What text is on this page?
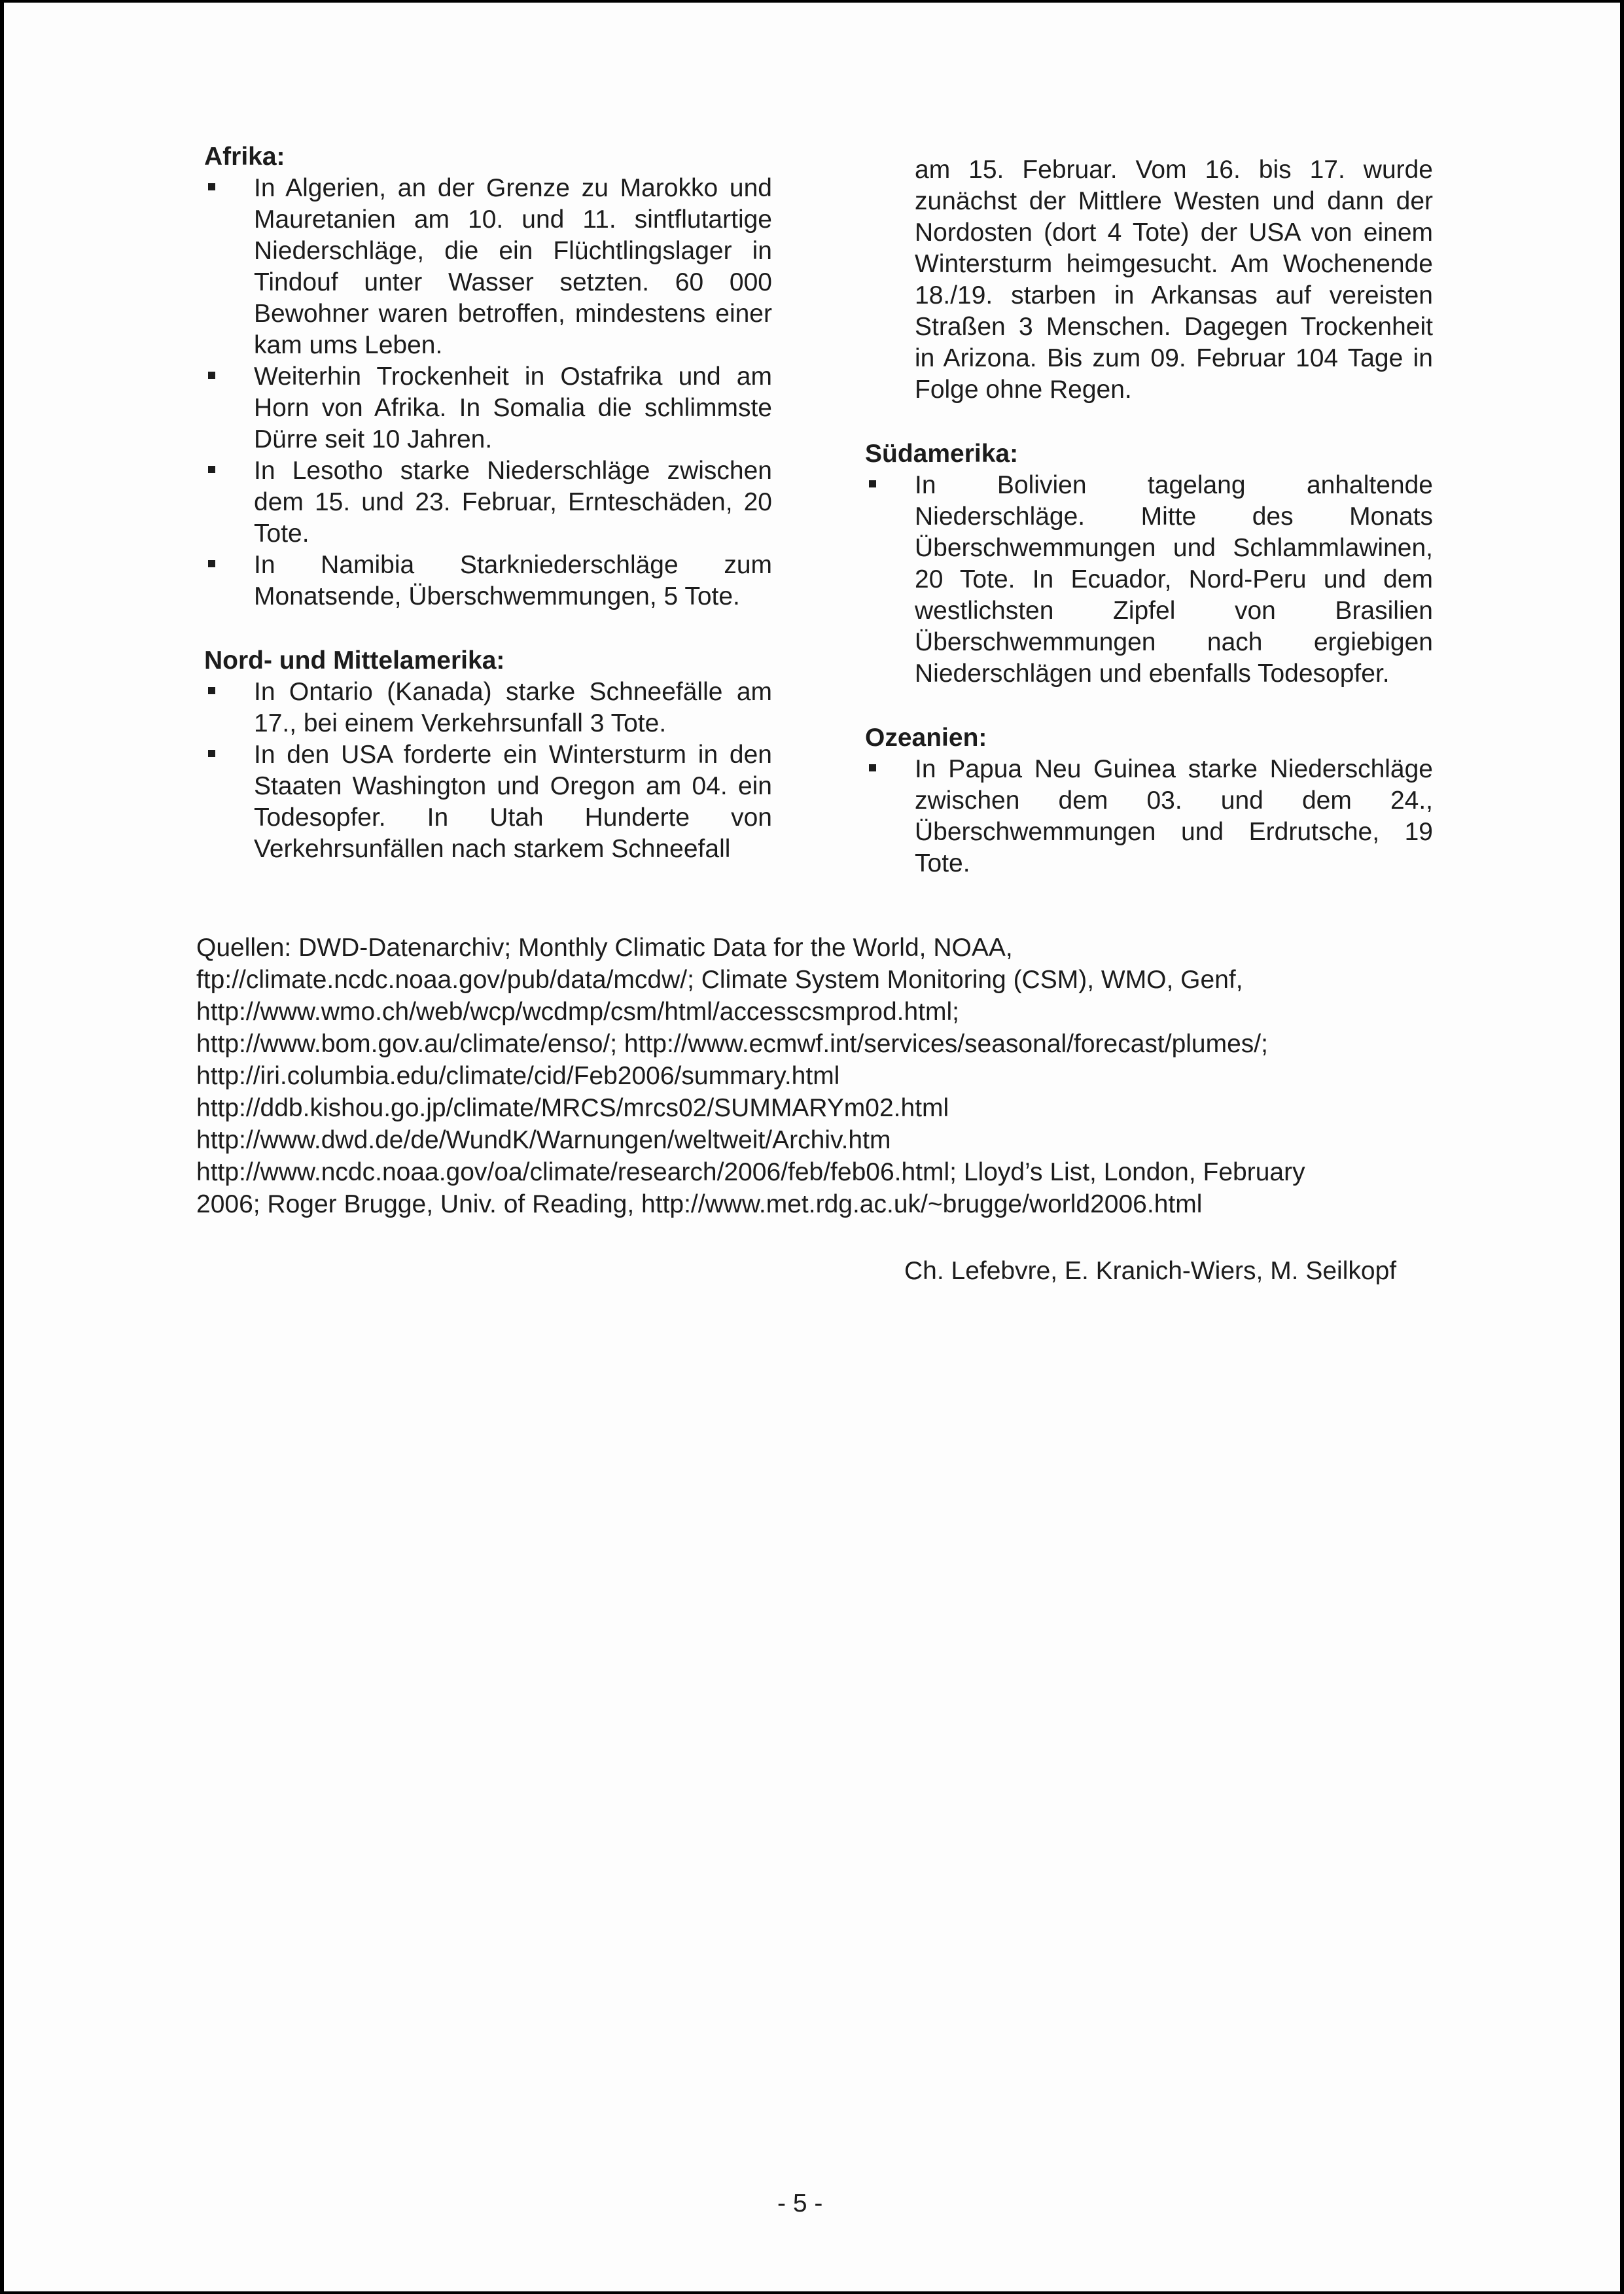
Afrika:
In Algerien, an der Grenze zu Marokko und Mauretanien am 10. und 11. sintflutartige Niederschläge, die ein Flüchtlingslager in Tindouf unter Wasser setzten. 60 000 Bewohner waren betroffen, mindestens einer kam ums Leben.
Weiterhin Trockenheit in Ostafrika und am Horn von Afrika. In Somalia die schlimmste Dürre seit 10 Jahren.
In Lesotho starke Niederschläge zwischen dem 15. und 23. Februar, Ernteschäden, 20 Tote.
In Namibia Starkniederschläge zum Monatsende, Überschwemmungen, 5 Tote.
Nord- und Mittelamerika:
In Ontario (Kanada) starke Schneefälle am 17., bei einem Verkehrsunfall 3 Tote.
In den USA forderte ein Wintersturm in den Staaten Washington und Oregon am 04. ein Todesopfer. In Utah Hunderte von Verkehrsunfällen nach starkem Schneefall
am 15. Februar. Vom 16. bis 17. wurde zunächst der Mittlere Westen und dann der Nordosten (dort 4 Tote) der USA von einem Wintersturm heimgesucht. Am Wochenende 18./19. starben in Arkansas auf vereisten Straßen 3 Menschen. Dagegen Trockenheit in Arizona. Bis zum 09. Februar 104 Tage in Folge ohne Regen.
Südamerika:
In Bolivien tagelang anhaltende Niederschläge. Mitte des Monats Überschwemmungen und Schlammlawinen, 20 Tote. In Ecuador, Nord-Peru und dem westlichsten Zipfel von Brasilien Überschwemmungen nach ergiebigen Niederschlägen und ebenfalls Todesopfer.
Ozeanien:
In Papua Neu Guinea starke Niederschläge zwischen dem 03. und dem 24., Überschwemmungen und Erdrutsche, 19 Tote.
Quellen: DWD-Datenarchiv; Monthly Climatic Data for the World, NOAA,
ftp://climate.ncdc.noaa.gov/pub/data/mcdw/; Climate System Monitoring (CSM), WMO, Genf,
http://www.wmo.ch/web/wcp/wcdmp/csm/html/accesscsmprod.html;
http://www.bom.gov.au/climate/enso/; http://www.ecmwf.int/services/seasonal/forecast/plumes/;
http://iri.columbia.edu/climate/cid/Feb2006/summary.html
http://ddb.kishou.go.jp/climate/MRCS/mrcs02/SUMMARYm02.html
http://www.dwd.de/de/WundK/Warnungen/weltweit/Archiv.htm
http://www.ncdc.noaa.gov/oa/climate/research/2006/feb/feb06.html; Lloyd’s List, London, February
2006; Roger Brugge, Univ. of Reading, http://www.met.rdg.ac.uk/~brugge/world2006.html
Ch. Lefebvre, E. Kranich-Wiers, M. Seilkopf
- 5 -
